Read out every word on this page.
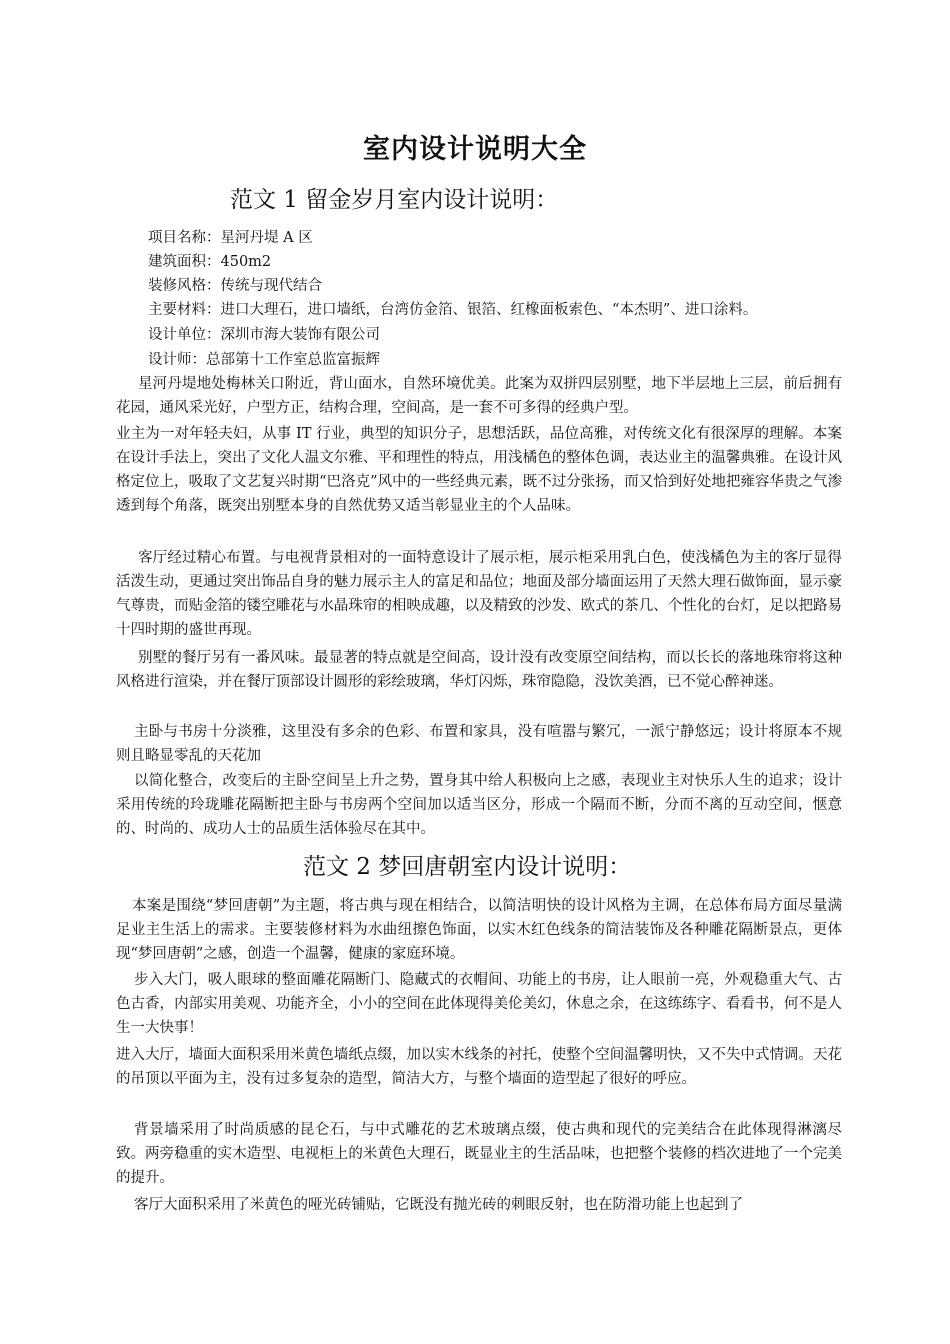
室内设计说明大全
范文 1 留金岁月室内设计说明：

项目名称：星河丹堤 A 区

建筑面积：450m2

装修风格：传统与现代结合

主要材料：进口大理石，进口墙纸，台湾仿金箔、银箔、红橡面板索色、“本杰明”、进口涂料。

设计单位：深圳市海大装饰有限公司

设计师：总部第十工作室总监富振辉

星河丹堤地处梅林关口附近，背山面水，自然环境优美。此案为双拼四层别墅，地下半层地上三层，前后拥有花园，通风采光好，户型方正，结构合理，空间高，是一套不可多得的经典户型。

业主为一对年轻夫妇，从事 IT 行业，典型的知识分子，思想活跃，品位高雅，对传统文化有很深厚的理解。本案在设计手法上，突出了文化人温文尔雅、平和理性的特点，用浅橘色的整体色调，表达业主的温馨典雅。在设计风格定位上，吸取了文艺复兴时期“巴洛克”风中的一些经典元素，既不过分张扬，而又恰到好处地把雍容华贵之气渗透到每个角落，既突出别墅本身的自然优势又适当彰显业主的个人品味。

客厅经过精心布置。与电视背景相对的一面特意设计了展示柜，展示柜采用乳白色，使浅橘色为主的客厅显得活泼生动，更通过突出饰品自身的魅力展示主人的富足和品位；地面及部分墙面运用了天然大理石做饰面，显示豪气尊贵，而贴金箔的镂空雕花与水晶珠帘的相映成趣，以及精致的沙发、欧式的茶几、个性化的台灯，足以把路易十四时期的盛世再现。

别墅的餐厅另有一番风味。最显著的特点就是空间高，设计没有改变原空间结构，而以长长的落地珠帘将这种风格进行渲染，并在餐厅顶部设计圆形的彩绘玻璃，华灯闪烁，珠帘隐隐，没饮美酒，已不觉心醉神迷。

主卧与书房十分淡雅，这里没有多余的色彩、布置和家具，没有喧嚣与繁冗，一派宁静悠远；设计将原本不规则且略显零乱的天花加

以简化整合，改变后的主卧空间呈上升之势，置身其中给人积极向上之感，表现业主对快乐人生的追求；设计采用传统的玲珑雕花隔断把主卧与书房两个空间加以适当区分，形成一个隔而不断，分而不离的互动空间，惬意的、时尚的、成功人士的品质生活体验尽在其中。

范文 2 梦回唐朝室内设计说明：

本案是围绕“梦回唐朝”为主题，将古典与现在相结合，以简洁明快的设计风格为主调，在总体布局方面尽量满足业主生活上的需求。主要装修材料为水曲纽擦色饰面，以实木红色线条的简洁装饰及各种雕花隔断景点，更体现“梦回唐朝”之感，创造一个温馨，健康的家庭环境。

步入大门，吸人眼球的整面雕花隔断门、隐藏式的衣帽间、功能上的书房，让人眼前一亮，外观稳重大气、古色古香，内部实用美观、功能齐全，小小的空间在此体现得美伦美幻，休息之余，在这练练字、看看书，何不是人生一大快事！

进入大厅，墙面大面积采用米黄色墙纸点缀，加以实木线条的衬托，使整个空间温馨明快，又不失中式情调。天花的吊顶以平面为主，没有过多复杂的造型，简洁大方，与整个墙面的造型起了很好的呼应。

背景墙采用了时尚质感的昆仑石，与中式雕花的艺术玻璃点缀，使古典和现代的完美结合在此体现得淋漓尽致。两旁稳重的实木造型、电视柜上的米黄色大理石，既显业主的生活品味，也把整个装修的档次进地了一个完美的提升。

客厅大面积采用了米黄色的哑光砖铺贴，它既没有抛光砖的刺眼反射，也在防滑功能上也起到了
